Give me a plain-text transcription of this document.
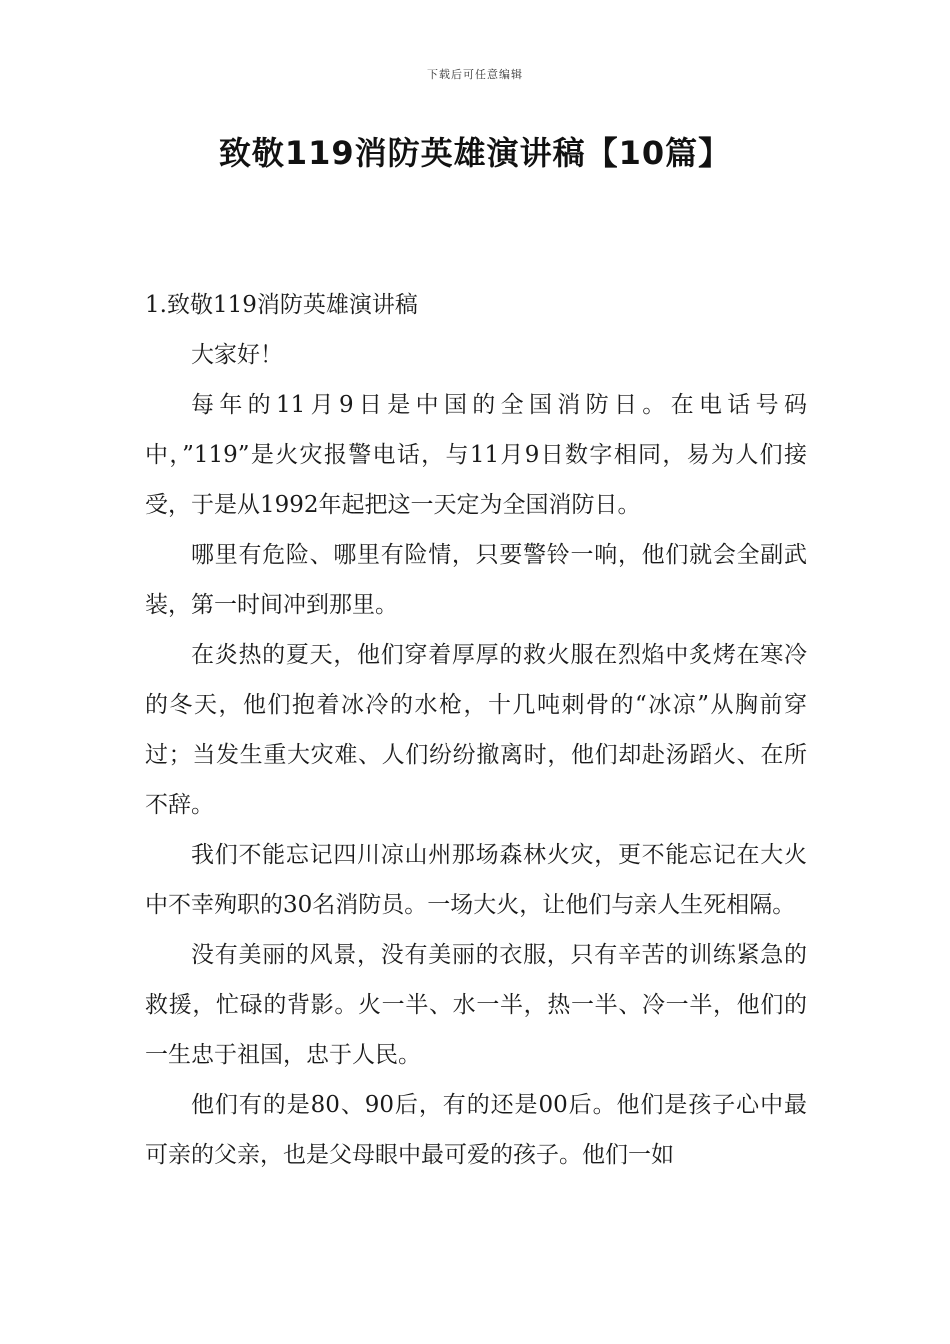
下载后可任意编辑
致敬119消防英雄演讲稿【10篇】

1.致敬119消防英雄演讲稿

大家好！

每年的11月9日是中国的全国消防日。在电话号码中，”119”是火灾报警电话，与11月9日数字相同，易为人们接受，于是从1992年起把这一天定为全国消防日。

哪里有危险、哪里有险情，只要警铃一响，他们就会全副武装，第一时间冲到那里。

在炎热的夏天，他们穿着厚厚的救火服在烈焰中炙烤在寒冷的冬天，他们抱着冰冷的水枪，十几吨刺骨的“冰凉”从胸前穿过；当发生重大灾难、人们纷纷撤离时，他们却赴汤蹈火、在所不辞。

我们不能忘记四川凉山州那场森林火灾，更不能忘记在大火中不幸殉职的30名消防员。一场大火，让他们与亲人生死相隔。

没有美丽的风景，没有美丽的衣服，只有辛苦的训练紧急的救援，忙碌的背影。火一半、水一半，热一半、冷一半，他们的一生忠于祖国，忠于人民。

他们有的是80、90后，有的还是00后。他们是孩子心中最可亲的父亲，也是父母眼中最可爱的孩子。他们一如
